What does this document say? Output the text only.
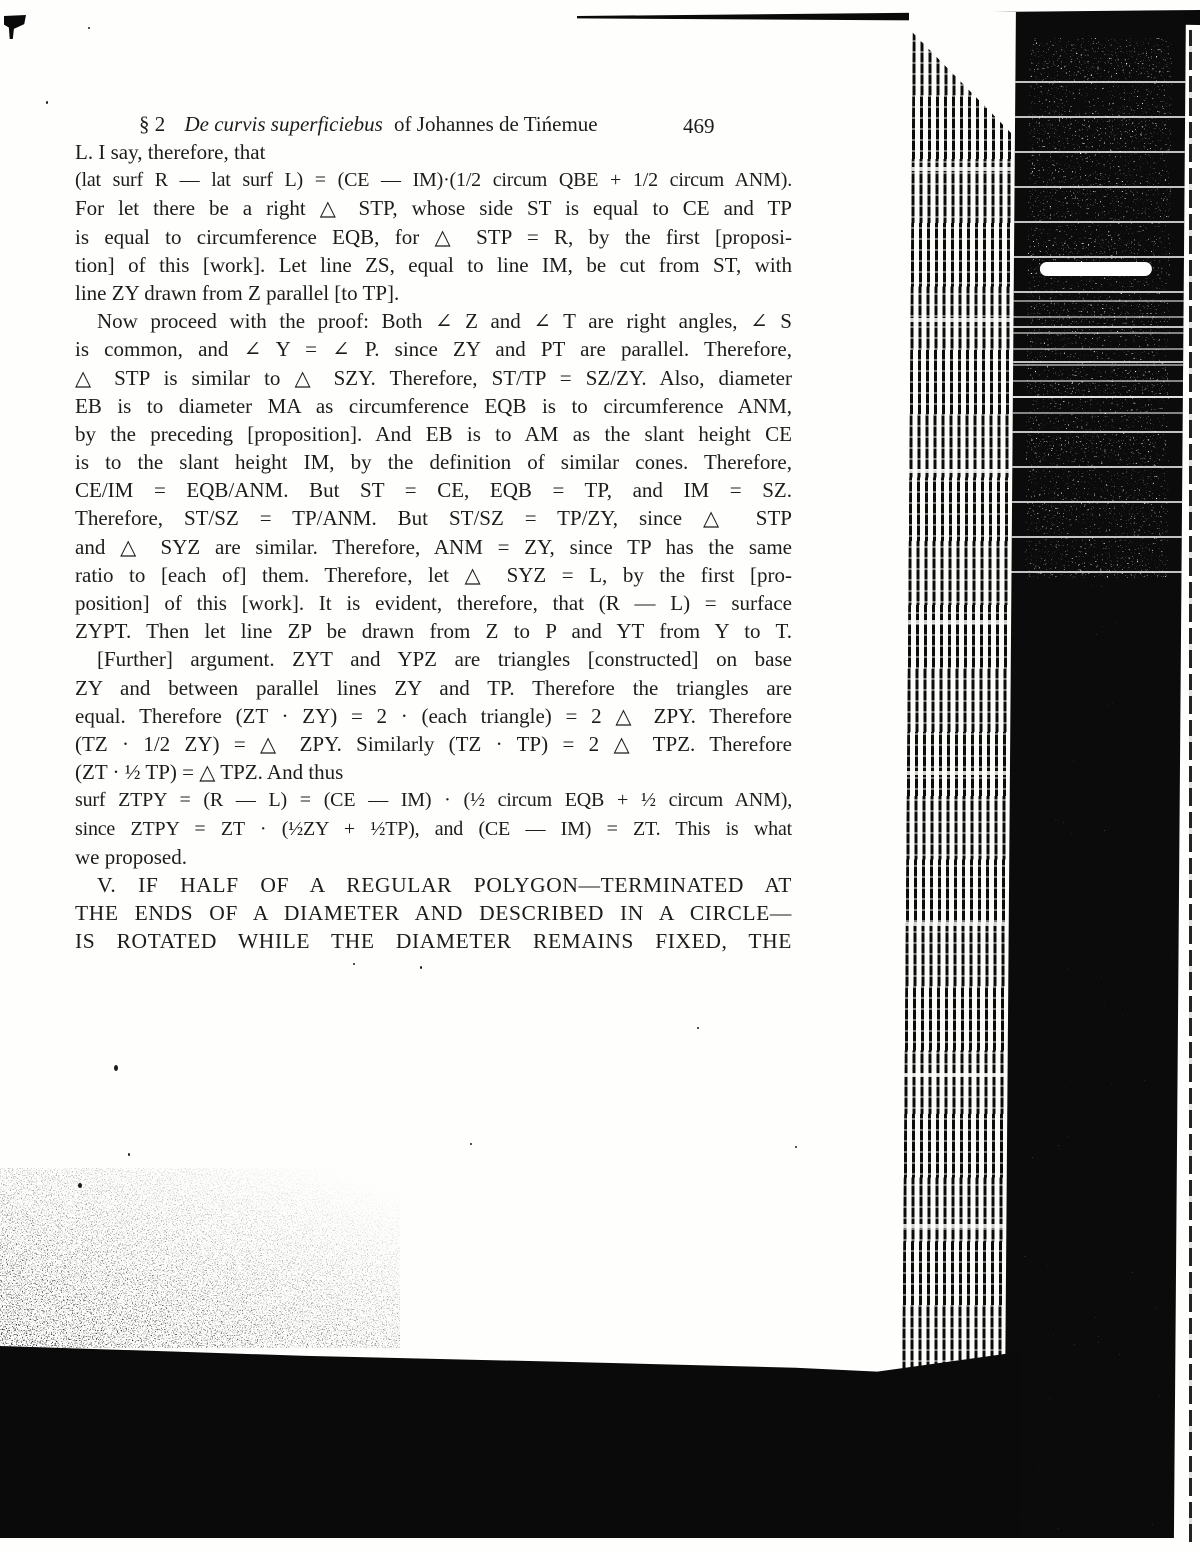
§ 2 De curvis superficiebus of Johannes de Tińemue	469
L. I say, therefore, that
(lat surf R — lat surf L) = (CE — IM)·(1/2 circum QBE + 1/2 circum ANM).
For let there be a right △ STP, whose side ST is equal to CE and TP
is equal to circumference EQB, for △ STP = R, by the first [proposi-
tion] of this [work]. Let line ZS, equal to line IM, be cut from ST, with
line ZY drawn from Z parallel [to TP].
Now proceed with the proof: Both ∠ Z and ∠ T are right angles, ∠ S
is common, and ∠ Y = ∠ P. since ZY and PT are parallel. Therefore,
△ STP is similar to △ SZY. Therefore, ST/TP = SZ/ZY. Also, diameter
EB is to diameter MA as circumference EQB is to circumference ANM,
by the preceding [proposition]. And EB is to AM as the slant height CE
is to the slant height IM, by the definition of similar cones. Therefore,
CE/IM = EQB/ANM. But ST = CE, EQB = TP, and IM = SZ.
Therefore, ST/SZ = TP/ANM. But ST/SZ = TP/ZY, since △ STP
and △ SYZ are similar. Therefore, ANM = ZY, since TP has the same
ratio to [each of] them. Therefore, let △ SYZ = L, by the first [pro-
position] of this [work]. It is evident, therefore, that (R — L) = surface
ZYPT. Then let line ZP be drawn from Z to P and YT from Y to T.
[Further] argument. ZYT and YPZ are triangles [constructed] on base
ZY and between parallel lines ZY and TP. Therefore the triangles are
equal. Therefore (ZT · ZY) = 2 · (each triangle) = 2 △ ZPY. Therefore
(TZ · 1/2 ZY) = △ ZPY. Similarly (TZ · TP) = 2 △ TPZ. Therefore
(ZT · ½ TP) = △ TPZ. And thus
surf ZTPY = (R — L) = (CE — IM) · (½ circum EQB + ½ circum ANM),
since ZTPY = ZT · (½ZY + ½TP), and (CE — IM) = ZT. This is what
we proposed.
V. IF HALF OF A REGULAR POLYGON—TERMINATED AT
THE ENDS OF A DIAMETER AND DESCRIBED IN A CIRCLE—
IS ROTATED WHILE THE DIAMETER REMAINS FIXED, THE
